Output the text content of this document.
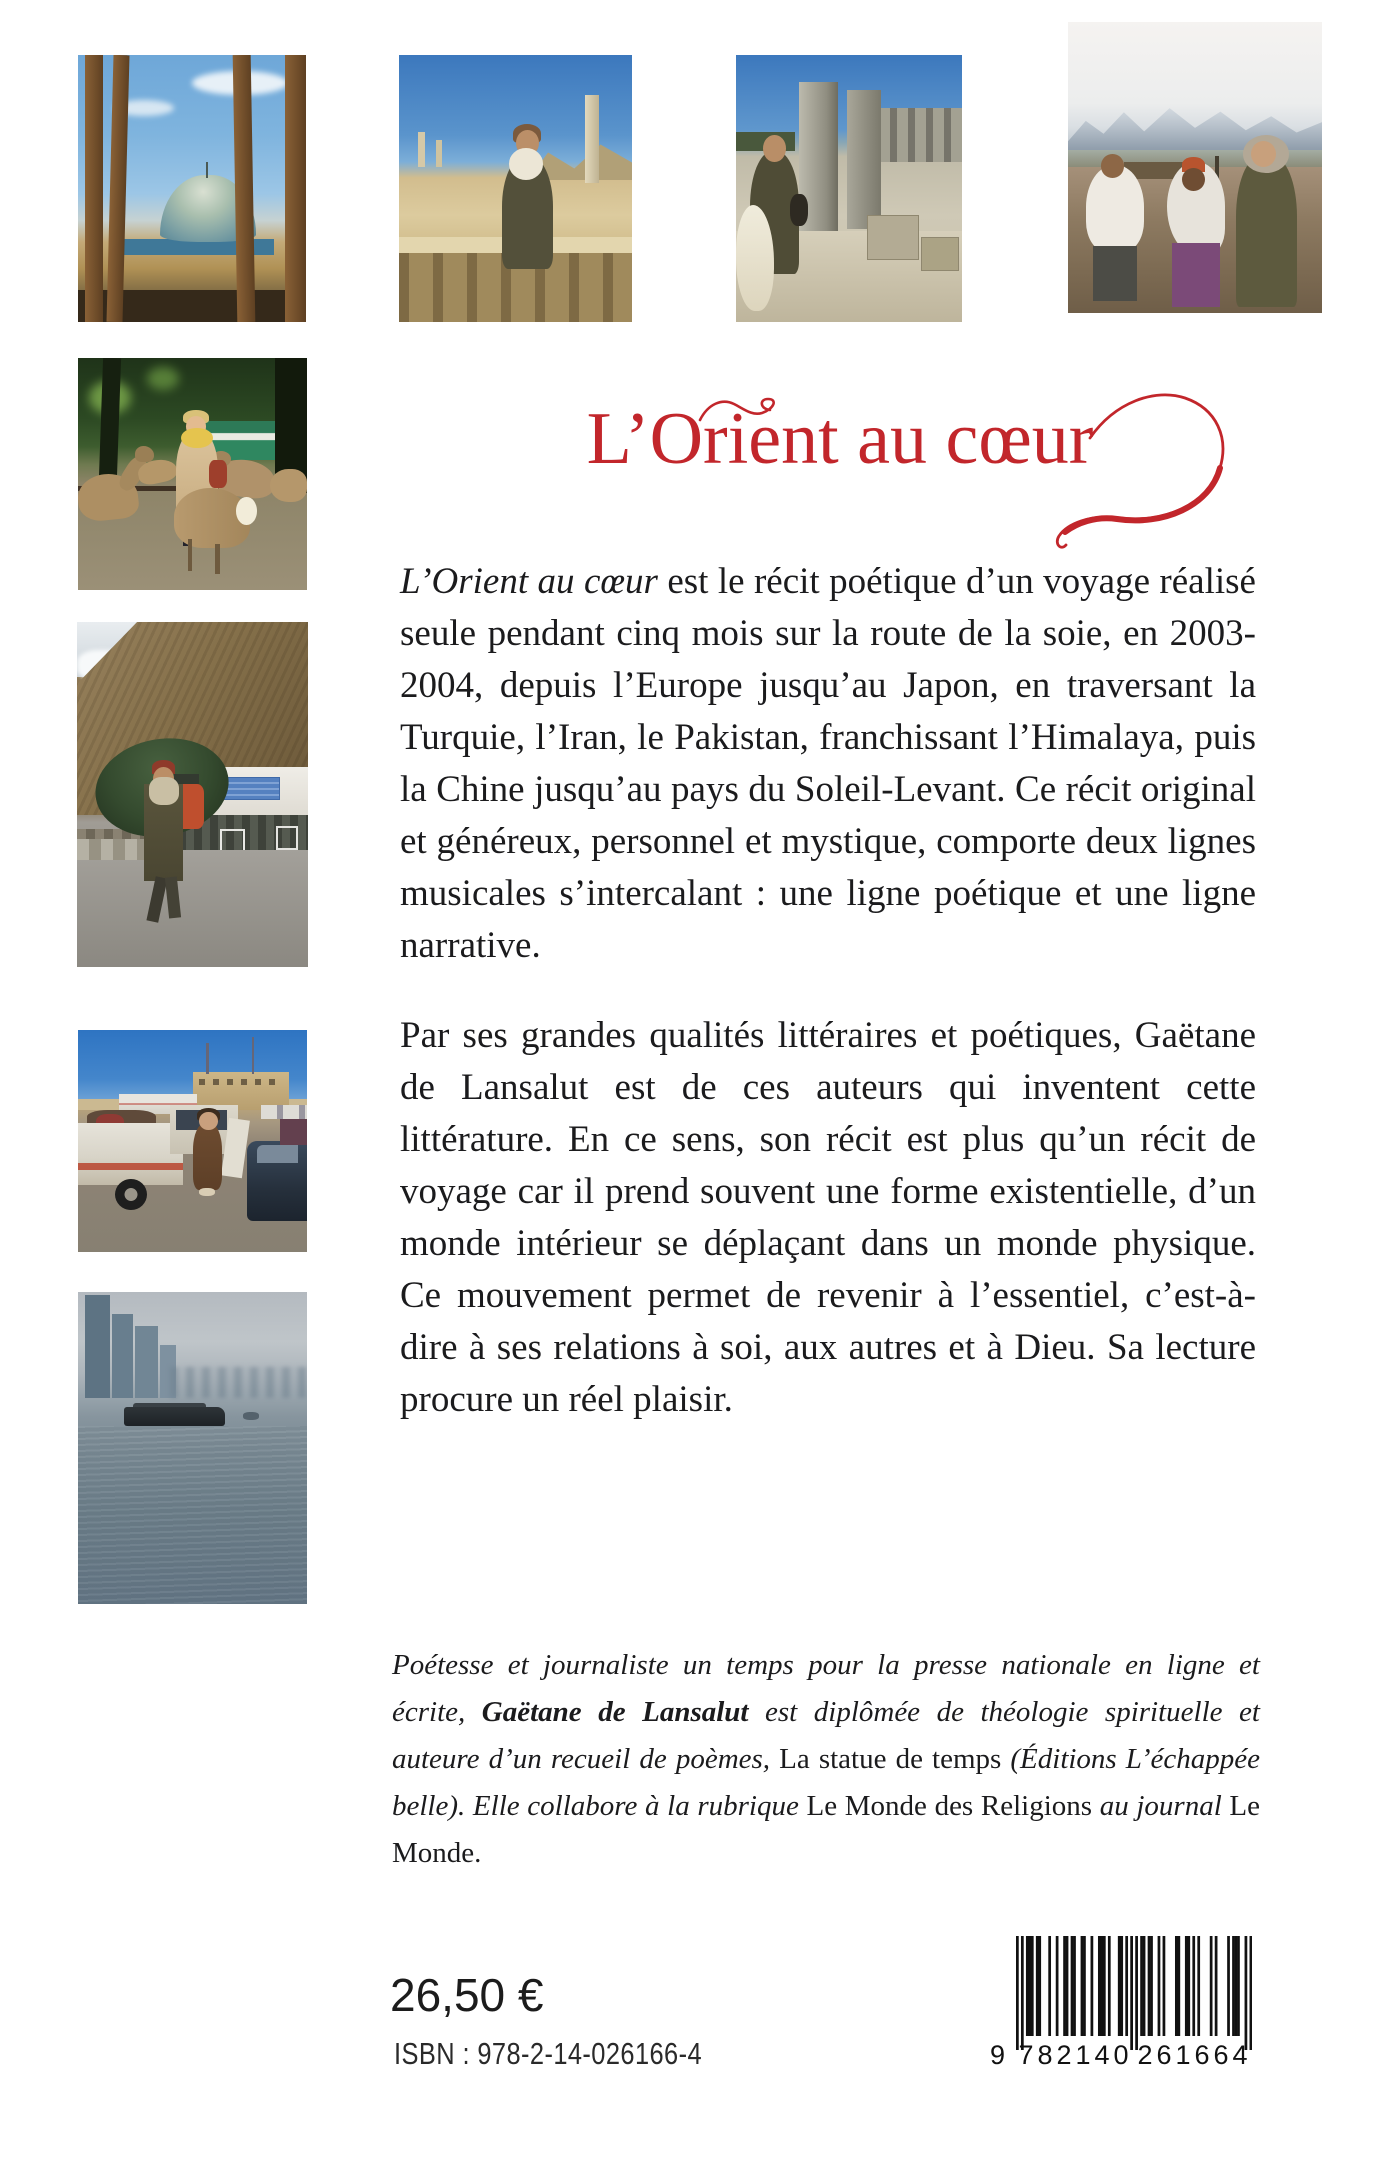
L’Orient au cœur

L’Orient au cœur est le récit poétique d’un voyage réalisé seule pendant cinq mois sur la route de la soie, en 2003-2004, depuis l’Europe jusqu’au Japon, en traversant la Turquie, l’Iran, le Pakistan, franchissant l’Himalaya, puis la Chine jusqu’au pays du Soleil-Levant. Ce récit original et généreux, personnel et mystique, comporte deux lignes musicales s’intercalant : une ligne poétique et une ligne narrative.

Par ses grandes qualités littéraires et poétiques, Gaëtane de Lansalut est de ces auteurs qui inventent cette littérature. En ce sens, son récit est plus qu’un récit de voyage car il prend souvent une forme existentielle, d’un monde intérieur se déplaçant dans un monde physique. Ce mouvement permet de revenir à l’essentiel, c’est-à-dire à ses relations à soi, aux autres et à Dieu. Sa lecture procure un réel plaisir.

Poétesse et journaliste un temps pour la presse nationale en ligne et écrite, Gaëtane de Lansalut est diplômée de théologie spirituelle et auteure d’un recueil de poèmes, La statue de temps (Éditions L’échappée belle). Elle collabore à la rubrique Le Monde des Religions au journal Le Monde.

26,50 €
ISBN : 978-2-14-026166-4	9 782140 261664
